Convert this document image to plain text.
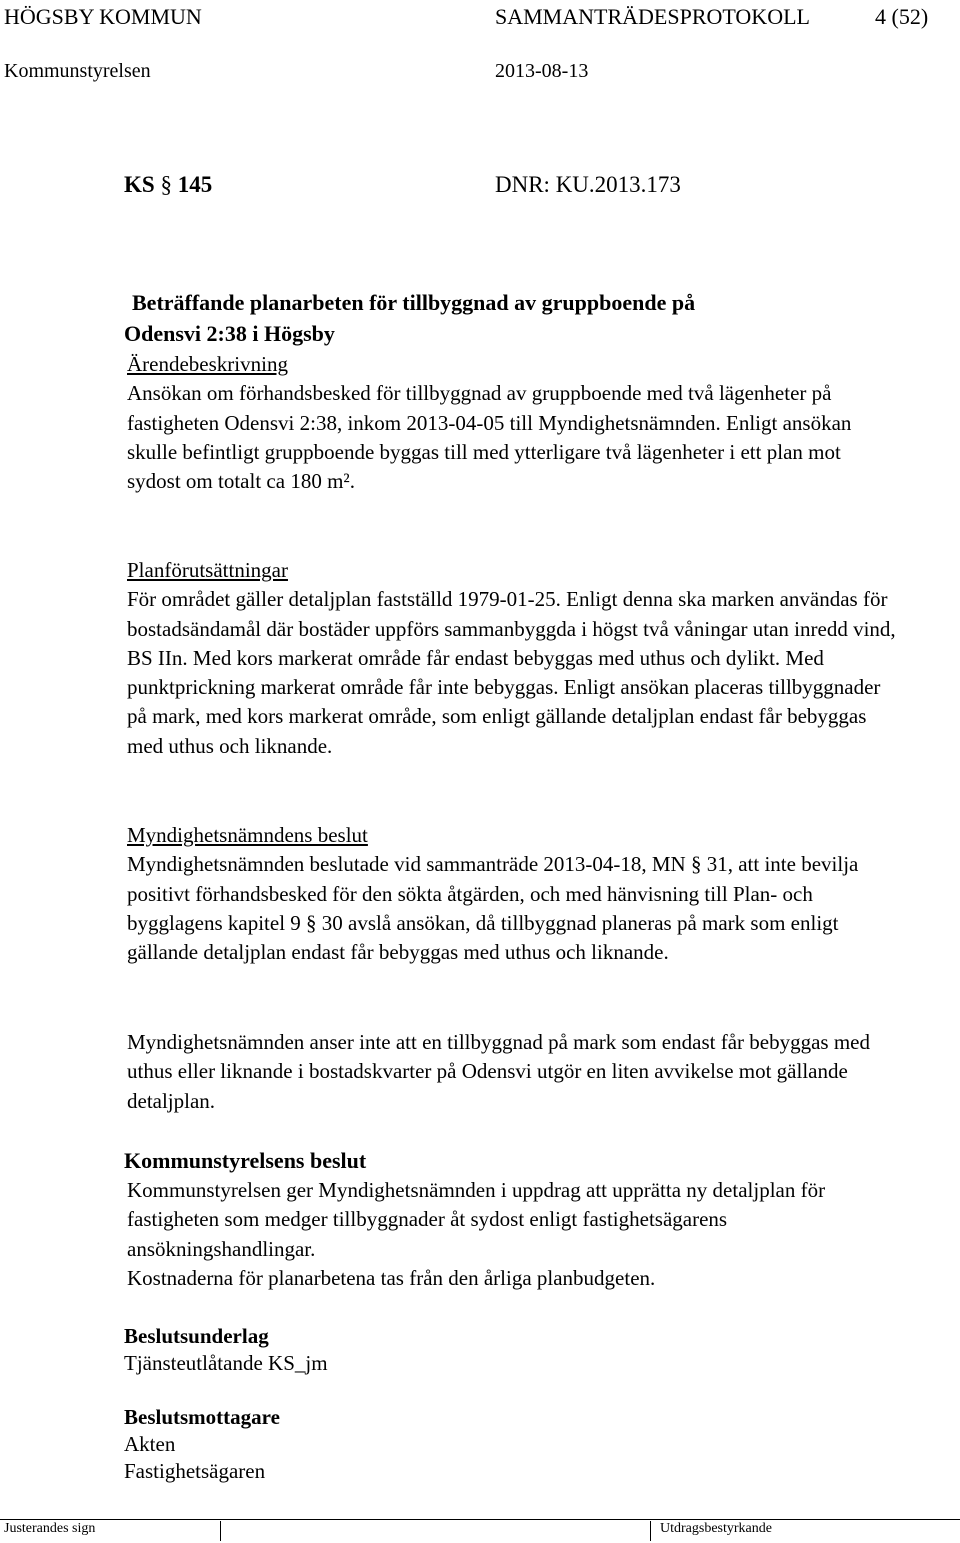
HÖGSBY KOMMUN	SAMMANTRÄDESPROTOKOLL	4 (52)
Kommunstyrelsen	2013-08-13
KS § 145	DNR: KU.2013.173
Beträffande planarbeten för tillbyggnad av gruppboende på
Odensvi 2:38 i Högsby

Ärendebeskrivning

Ansökan om förhandsbesked för tillbyggnad av gruppboende med två lägenheter på fastigheten Odensvi 2:38, inkom 2013-04-05 till Myndighetsnämnden. Enligt ansökan skulle befintligt gruppboende byggas till med ytterligare två lägenheter i ett plan mot sydost om totalt ca 180 m².

Planförutsättningar

För området gäller detaljplan fastställd 1979-01-25. Enligt denna ska marken användas för bostadsändamål där bostäder uppförs sammanbyggda i högst två våningar utan inredd vind, BS IIn. Med kors markerat område får endast bebyggas med uthus och dylikt. Med punktprickning markerat område får inte bebyggas. Enligt ansökan placeras tillbyggnader på mark, med kors markerat område, som enligt gällande detaljplan endast får bebyggas med uthus och liknande.

Myndighetsnämndens beslut

Myndighetsnämnden beslutade vid sammanträde 2013-04-18, MN § 31, att inte bevilja positivt förhandsbesked för den sökta åtgärden, och med hänvisning till Plan- och bygglagens kapitel 9 § 30 avslå ansökan, då tillbyggnad planeras på mark som enligt gällande detaljplan endast får bebyggas med uthus och liknande.

Myndighetsnämnden anser inte att en tillbyggnad på mark som endast får bebyggas med uthus eller liknande i bostadskvarter på Odensvi utgör en liten avvikelse mot gällande detaljplan.

Kommunstyrelsens beslut

Kommunstyrelsen ger Myndighetsnämnden i uppdrag att upprätta ny detaljplan för fastigheten som medger tillbyggnader åt sydost enligt fastighetsägarens ansökningshandlingar.

Kostnaderna för planarbetena tas från den årliga planbudgeten.

Beslutsunderlag
Tjänsteutlåtande KS_jm
Beslutsmottagare
Akten
Fastighetsägaren
Justerandes sign	Utdragsbestyrkande
